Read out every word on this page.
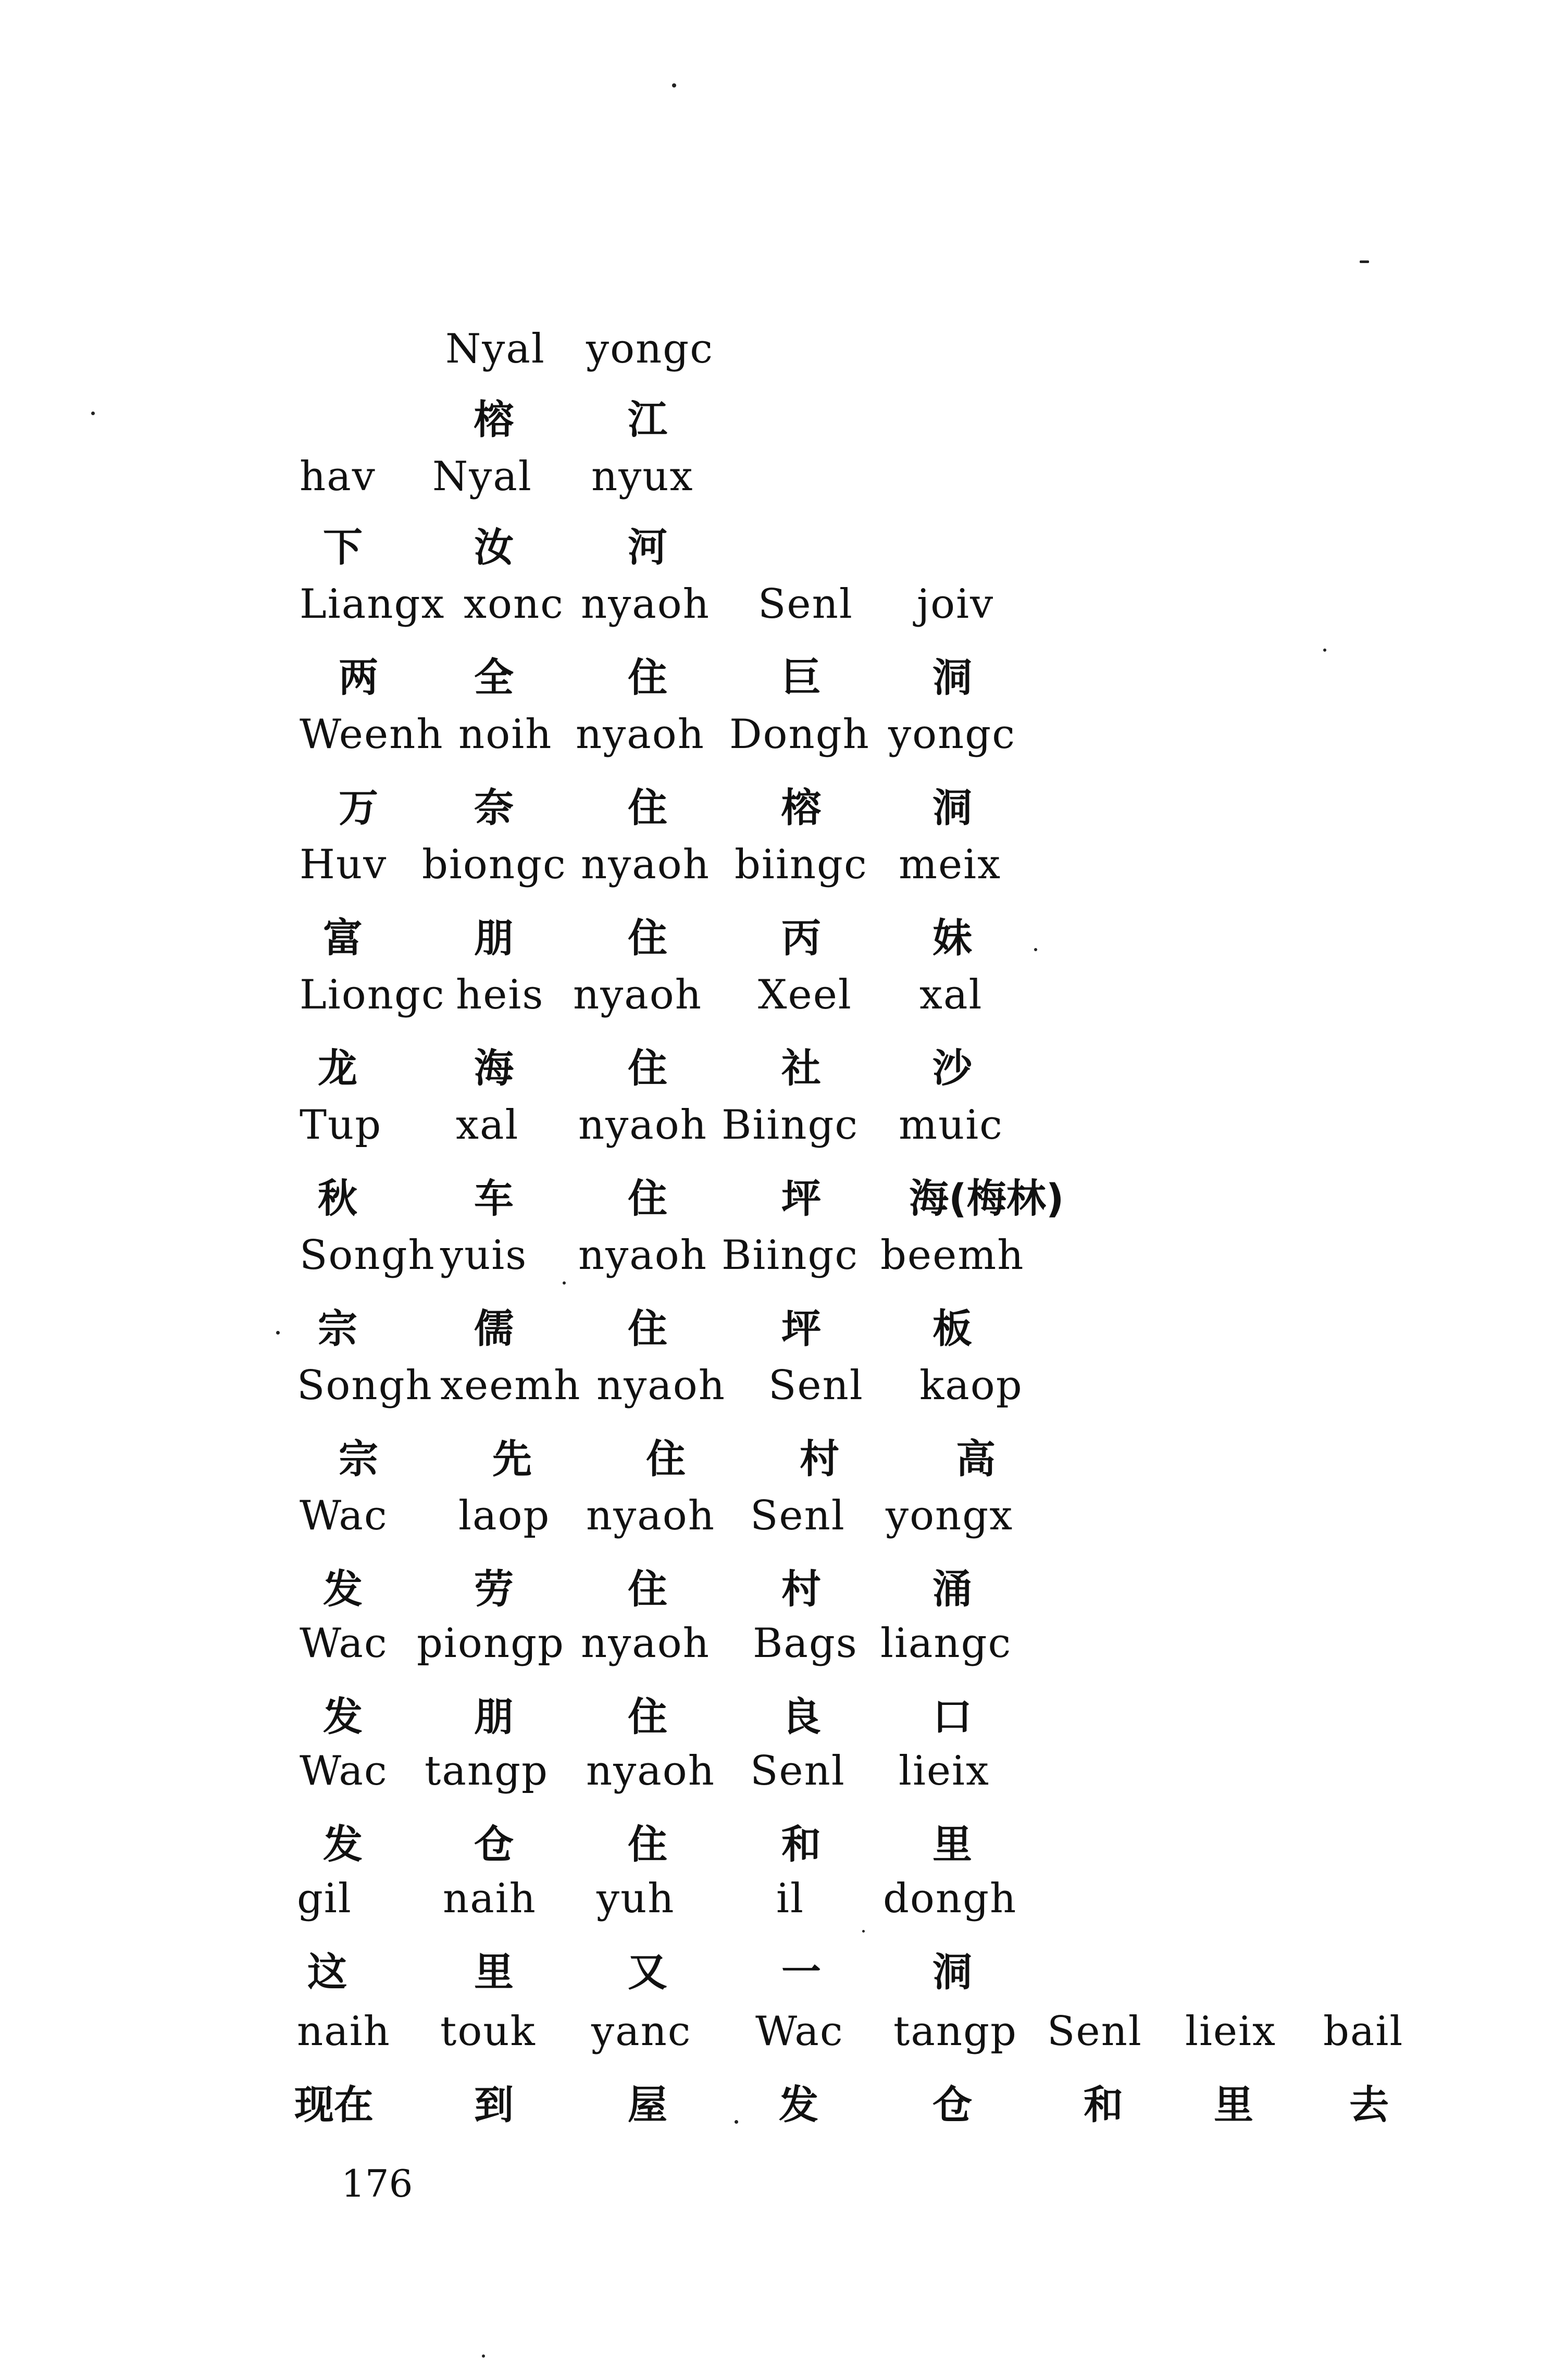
Nyal yongc
榕	江
hav Nyal nyux
下	汝	河
Liangx xonc nyaoh Senl joiv
两 全	住	巨	洞
Weenh noih nyaoh Dongh yongc
万 奈	住	榕	洞
Huv biongc nyaoh biingc meix
富	朋	住	丙	妹
Liongc heis nyaoh Xeel xal
龙	海	住	社	沙
Tup xal nyaoh Biingc muic
秋	车	住	坪 海(梅林)
Songh yuis nyaoh Biingc beemh
宗	儒	住	坪	板
Songh xeemh nyaoh Senl kaop
宗	先	住	村	高
Wac laop nyaoh Senl yongx
发	劳	住	村	涌
Wac piongp nyaoh Bags liangc
发	朋	住	良	口
Wac tangp nyaoh Senl lieix
发	仓	住	和	里
gil naih yuh il dongh
这	里	又	一	洞
naih touk yanc Wac tangp Senl lieix bail
现在	到	屋	发	仓	和 里 去
176
